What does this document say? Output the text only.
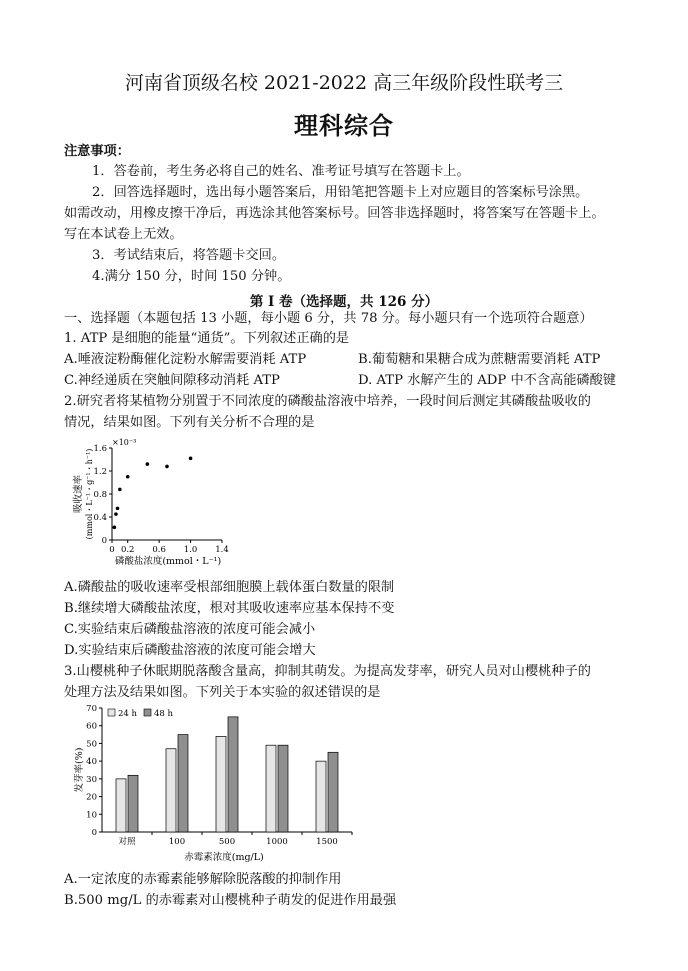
河南省顶级名校 2021-2022 高三年级阶段性联考三
理科综合
注意事项：
1．答卷前，考生务必将自己的姓名、准考证号填写在答题卡上。
2．回答选择题时，选出每小题答案后，用铅笔把答题卡上对应题目的答案标号涂黑。
如需改动，用橡皮擦干净后，再选涂其他答案标号。回答非选择题时，将答案写在答题卡上。
写在本试卷上无效。
3．考试结束后，将答题卡交回。
4.满分 150 分，时间 150 分钟。
第 I 卷（选择题，共 126 分）
一、选择题（本题包括 13 小题，每小题 6 分，共 78 分。每小题只有一个选项符合题意）
1. ATP 是细胞的能量“通货”。下列叙述正确的是
A.唾液淀粉酶催化淀粉水解需要消耗 ATP	B.葡萄糖和果糖合成为蔗糖需要消耗 ATP
C.神经递质在突触间隙移动消耗 ATP	D. ATP 水解产生的 ADP 中不含高能磷酸键
2.研究者将某植物分别置于不同浓度的磷酸盐溶液中培养，一段时间后测定其磷酸盐吸收的
情况，结果如图。下列有关分析不合理的是
0
0.4
0.8
1.2
1.6
0 0.2 0.6 1.0 1.4
×10⁻³
吸收速率 (mmol・L⁻¹・g⁻¹・h⁻¹)
磷酸盐浓度(mmol・L⁻¹)
A.磷酸盐的吸收速率受根部细胞膜上载体蛋白数量的限制
B.继续增大磷酸盐浓度，根对其吸收速率应基本保持不变
C.实验结束后磷酸盐溶液的浓度可能会减小
D.实验结束后磷酸盐溶液的浓度可能会增大
3.山樱桃种子休眠期脱落酸含量高，抑制其萌发。为提高发芽率，研究人员对山樱桃种子的
处理方法及结果如图。下列关于本实验的叙述错误的是
0
10
20
30
40
50
60
70
对照	100	500	1000	1500
24 h 48 h
发芽率(%)
赤霉素浓度(mg/L)
A.一定浓度的赤霉素能够解除脱落酸的抑制作用
B.500 mg/L 的赤霉素对山樱桃种子萌发的促进作用最强
